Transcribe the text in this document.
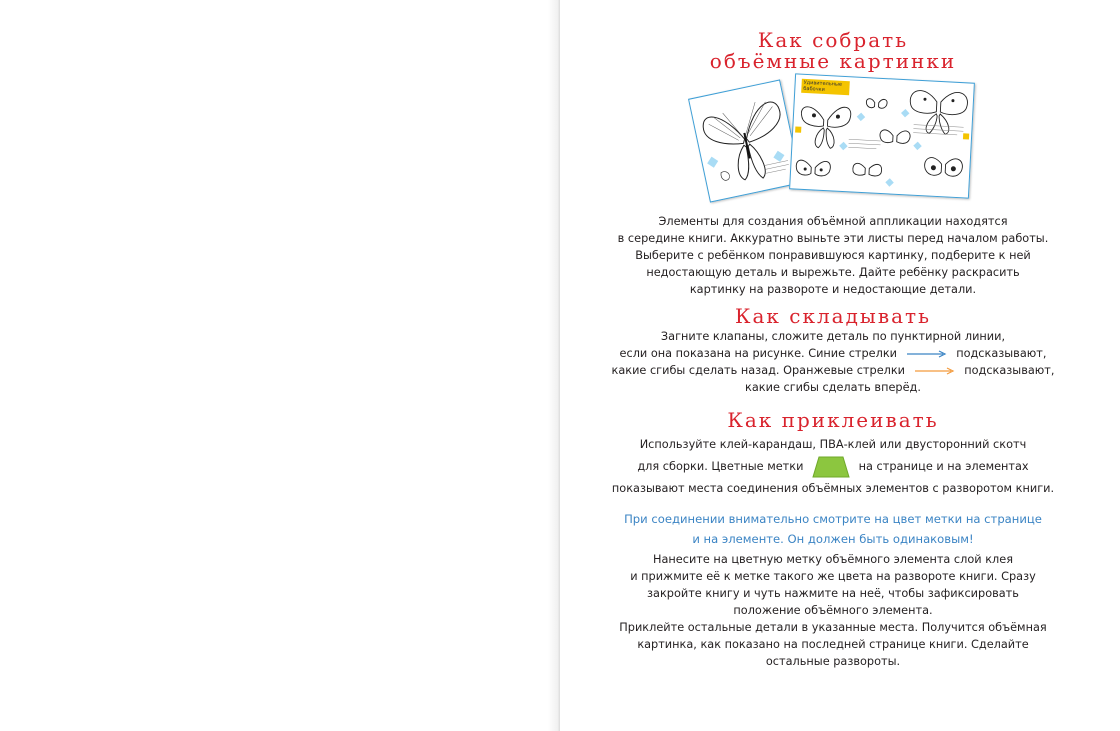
Как собрать
объёмные картинки
Удивительные бабочки

Элементы для создания объёмной аппликации находятся
в середине книги. Аккуратно выньте эти листы перед началом работы.
Выберите с ребёнком понравившуюся картинку, подберите к ней
недостающую деталь и вырежьте. Дайте ребёнку раскрасить
картинку на развороте и недостающие детали.

Как складывать

Загните клапаны, сложите деталь по пунктирной линии,
если она показана на рисунке. Синие стрелки	подсказывают,
какие сгибы сделать назад. Оранжевые стрелки	подсказывают,
какие сгибы сделать вперёд.

Как приклеивать

Используйте клей-карандаш, ПВА-клей или двусторонний скотч
для сборки. Цветные метки	на странице и на элементах
показывают места соединения объёмных элементов с разворотом книги.

При соединении внимательно смотрите на цвет метки на странице
и на элементе. Он должен быть одинаковым!

Нанесите на цветную метку объёмного элемента слой клея
и прижмите её к метке такого же цвета на развороте книги. Сразу
закройте книгу и чуть нажмите на неё, чтобы зафиксировать
положение объёмного элемента.
Приклейте остальные детали в указанные места. Получится объёмная
картинка, как показано на последней странице книги. Сделайте
остальные развороты.
